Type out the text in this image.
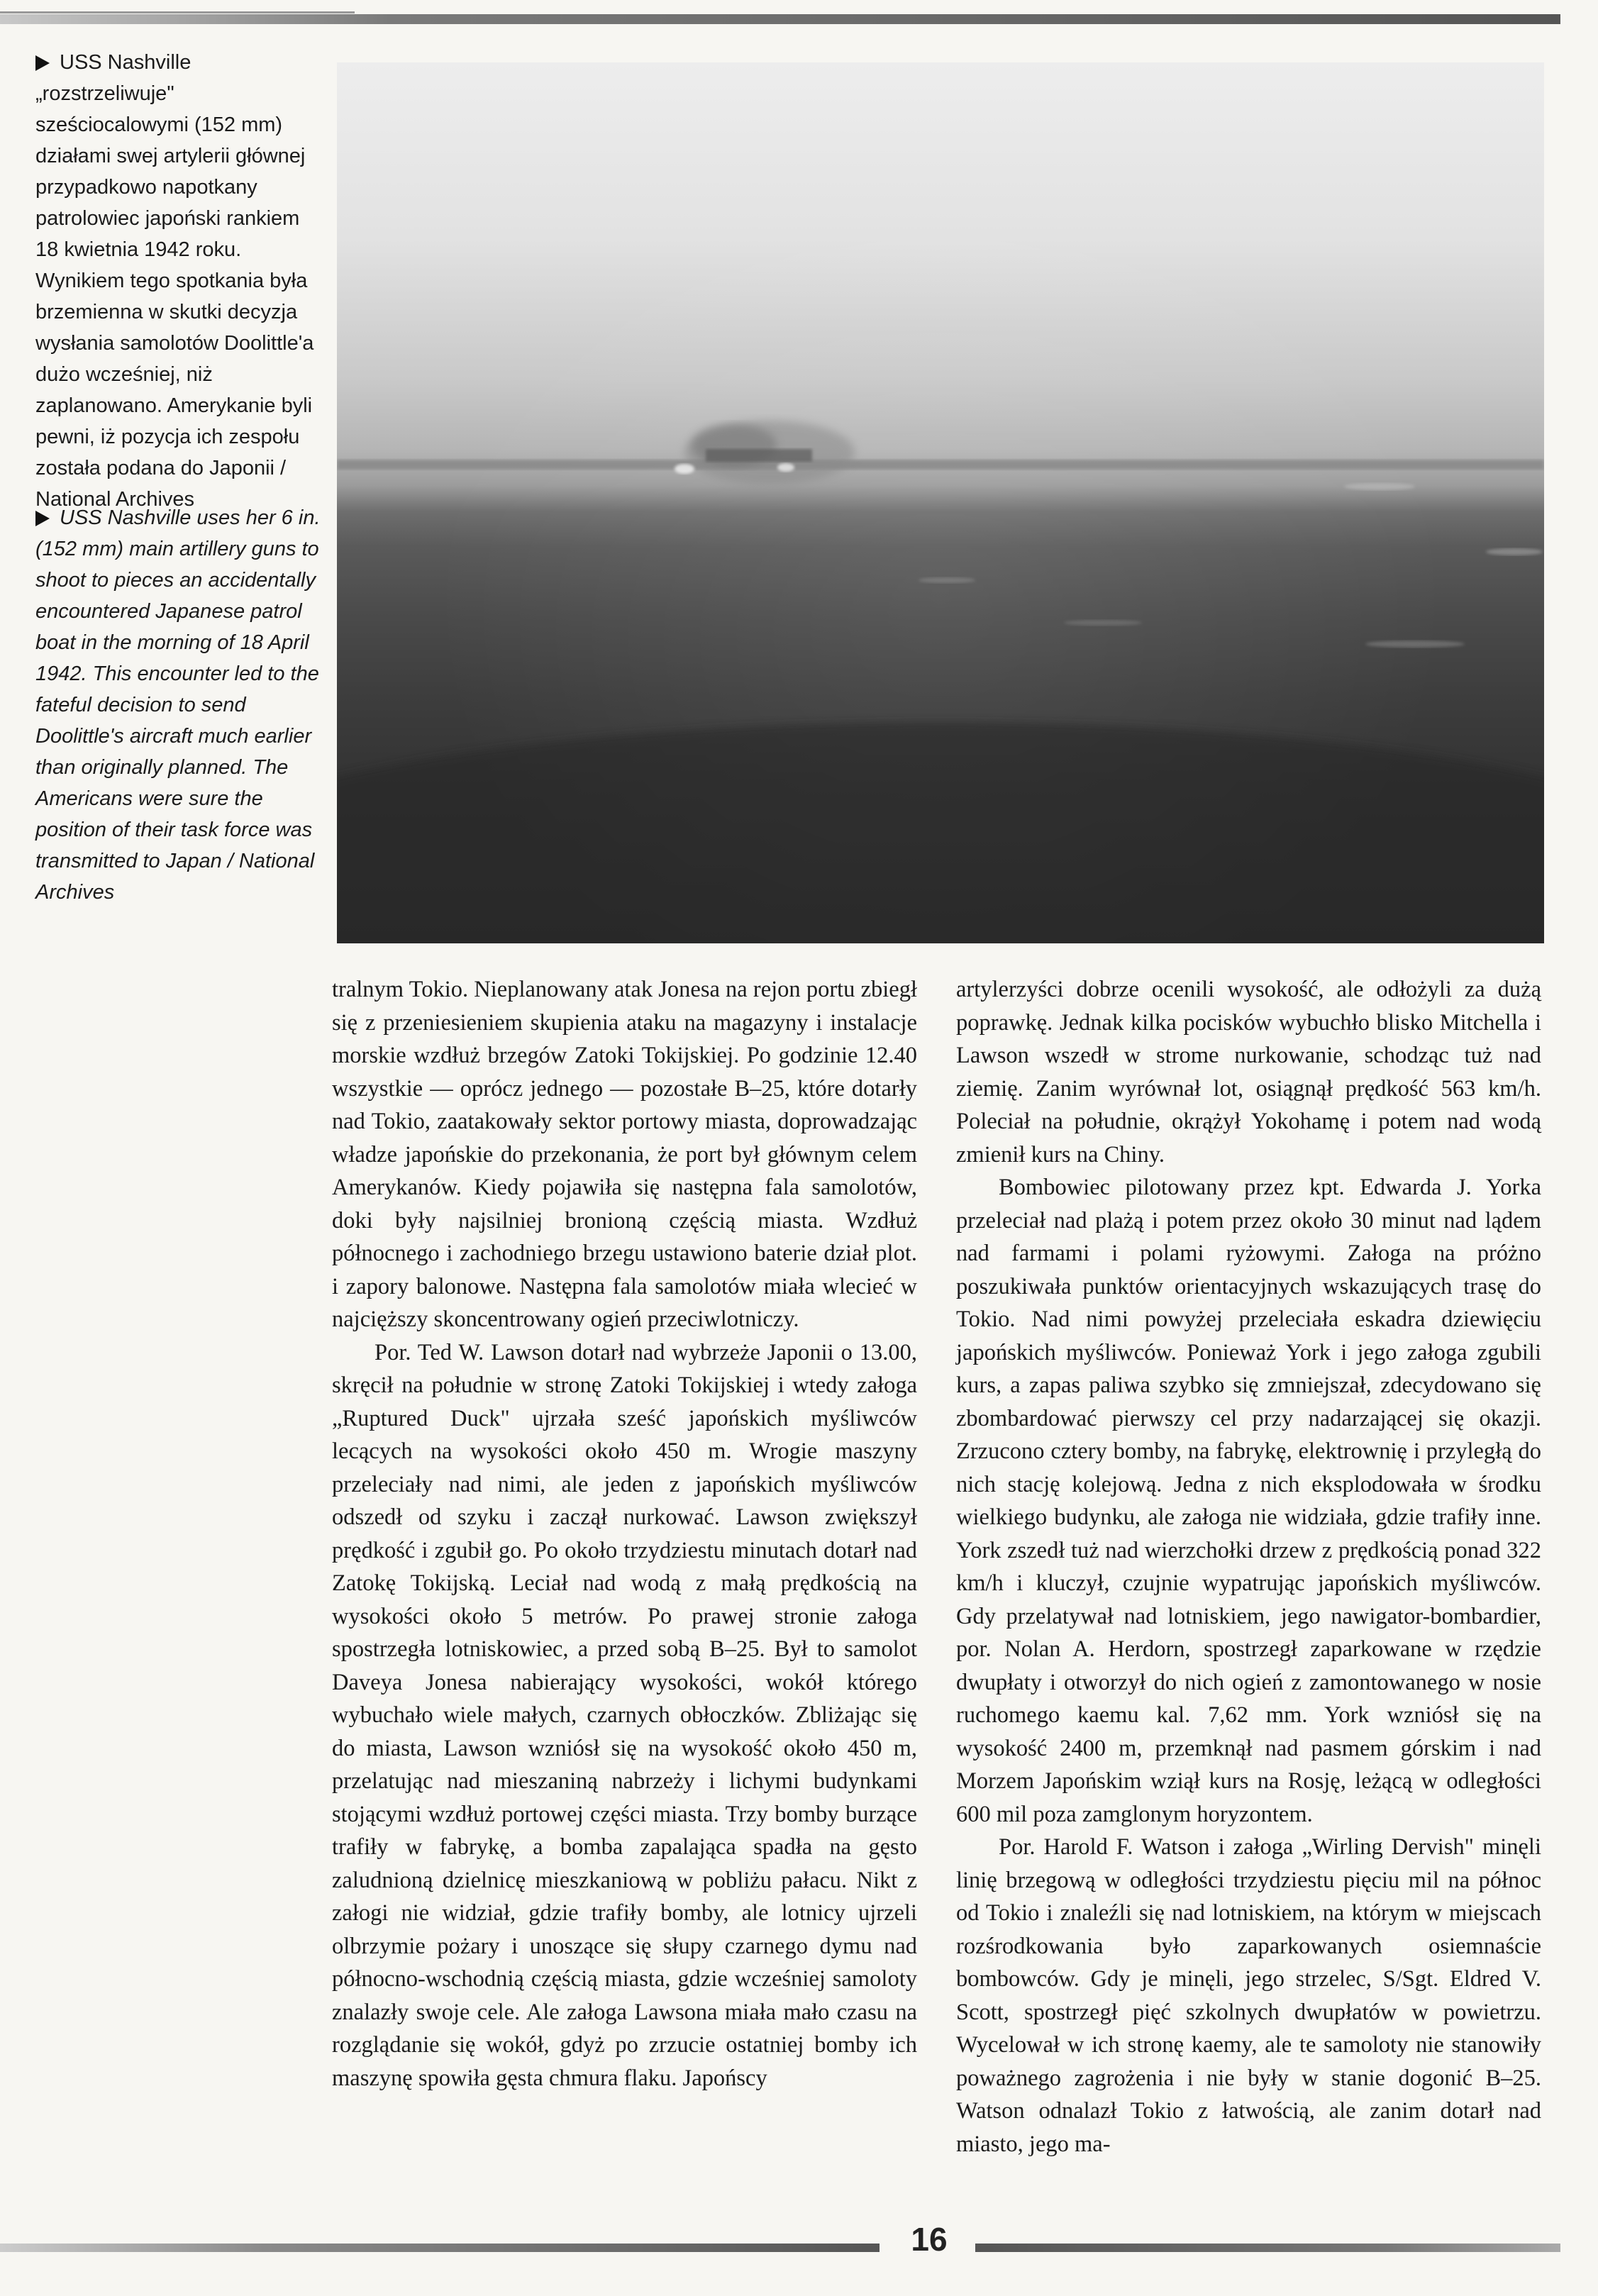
USS Nashville „rozstrzeliwuje" sześciocalowymi (152 mm) działami swej artylerii głównej przypadkowo napotkany patrolowiec japoński rankiem 18 kwietnia 1942 roku. Wynikiem tego spotkania była brzemienna w skutki decyzja wysłania samolotów Doolittle'a dużo wcześniej, niż zaplanowano. Amerykanie byli pewni, iż pozycja ich zespołu została podana do Japonii / National Archives
USS Nashville uses her 6 in. (152 mm) main artillery guns to shoot to pieces an accidentally encountered Japanese patrol boat in the morning of 18 April 1942. This encounter led to the fateful decision to send Doolittle's aircraft much earlier than originally planned. The Americans were sure the position of their task force was transmitted to Japan / National Archives

tralnym Tokio. Nieplanowany atak Jonesa na rejon portu zbiegł się z przeniesieniem skupienia ataku na magazyny i instalacje morskie wzdłuż brzegów Zatoki Tokijskiej. Po godzinie 12.40 wszystkie — oprócz jednego — pozostałe B–25, które dotarły nad Tokio, zaatakowały sektor portowy miasta, doprowadzając władze japońskie do przekonania, że port był głównym celem Amerykanów. Kiedy pojawiła się następna fala samolotów, doki były najsilniej bronioną częścią miasta. Wzdłuż północnego i zachodniego brzegu ustawiono baterie dział plot. i zapory balonowe. Następna fala samolotów miała wlecieć w najcięższy skoncentrowany ogień przeciwlotniczy.

Por. Ted W. Lawson dotarł nad wybrzeże Japonii o 13.00, skręcił na południe w stronę Zatoki Tokijskiej i wtedy załoga „Ruptured Duck" ujrzała sześć japońskich myśliwców lecących na wysokości około 450 m. Wrogie maszyny przeleciały nad nimi, ale jeden z japońskich myśliwców odszedł od szyku i zaczął nurkować. Lawson zwiększył prędkość i zgubił go. Po około trzydziestu minutach dotarł nad Zatokę Tokijską. Leciał nad wodą z małą prędkością na wysokości około 5 metrów. Po prawej stronie załoga spostrzegła lotniskowiec, a przed sobą B–25. Był to samolot Daveya Jonesa nabierający wysokości, wokół którego wybuchało wiele małych, czarnych obłoczków. Zbliżając się do miasta, Lawson wzniósł się na wysokość około 450 m, przelatując nad mieszaniną nabrzeży i lichymi budynkami stojącymi wzdłuż portowej części miasta. Trzy bomby burzące trafiły w fabrykę, a bomba zapalająca spadła na gęsto zaludnioną dzielnicę mieszkaniową w pobliżu pałacu. Nikt z załogi nie widział, gdzie trafiły bomby, ale lotnicy ujrzeli olbrzymie pożary i unoszące się słupy czarnego dymu nad północno-wschodnią częścią miasta, gdzie wcześniej samoloty znalazły swoje cele. Ale załoga Lawsona miała mało czasu na rozglądanie się wokół, gdyż po zrzucie ostatniej bomby ich maszynę spowiła gęsta chmura flaku. Japońscy

artylerzyści dobrze ocenili wysokość, ale odłożyli za dużą poprawkę. Jednak kilka pocisków wybuchło blisko Mitchella i Lawson wszedł w strome nurkowanie, schodząc tuż nad ziemię. Zanim wyrównał lot, osiągnął prędkość 563 km/h. Poleciał na południe, okrążył Yokohamę i potem nad wodą zmienił kurs na Chiny.

Bombowiec pilotowany przez kpt. Edwarda J. Yorka przeleciał nad plażą i potem przez około 30 minut nad lądem nad farmami i polami ryżowymi. Załoga na próżno poszukiwała punktów orientacyjnych wskazujących trasę do Tokio. Nad nimi powyżej przeleciała eskadra dziewięciu japońskich myśliwców. Ponieważ York i jego załoga zgubili kurs, a zapas paliwa szybko się zmniejszał, zdecydowano się zbombardować pierwszy cel przy nadarzającej się okazji. Zrzucono cztery bomby, na fabrykę, elektrownię i przyległą do nich stację kolejową. Jedna z nich eksplodowała w środku wielkiego budynku, ale załoga nie widziała, gdzie trafiły inne. York zszedł tuż nad wierzchołki drzew z prędkością ponad 322 km/h i kluczył, czujnie wypatrując japońskich myśliwców. Gdy przelatywał nad lotniskiem, jego nawigator-bombardier, por. Nolan A. Herdorn, spostrzegł zaparkowane w rzędzie dwupłaty i otworzył do nich ogień z zamontowanego w nosie ruchomego kaemu kal. 7,62 mm. York wzniósł się na wysokość 2400 m, przemknął nad pasmem górskim i nad Morzem Japońskim wziął kurs na Rosję, leżącą w odległości 600 mil poza zamglonym horyzontem.

Por. Harold F. Watson i załoga „Wirling Dervish" minęli linię brzegową w odległości trzydziestu pięciu mil na północ od Tokio i znaleźli się nad lotniskiem, na którym w miejscach rozśrodkowania było zaparkowanych osiemnaście bombowców. Gdy je minęli, jego strzelec, S/Sgt. Eldred V. Scott, spostrzegł pięć szkolnych dwupłatów w powietrzu. Wycelował w ich stronę kaemy, ale te samoloty nie stanowiły poważnego zagrożenia i nie były w stanie dogonić B–25. Watson odnalazł Tokio z łatwością, ale zanim dotarł nad miasto, jego ma-

16
